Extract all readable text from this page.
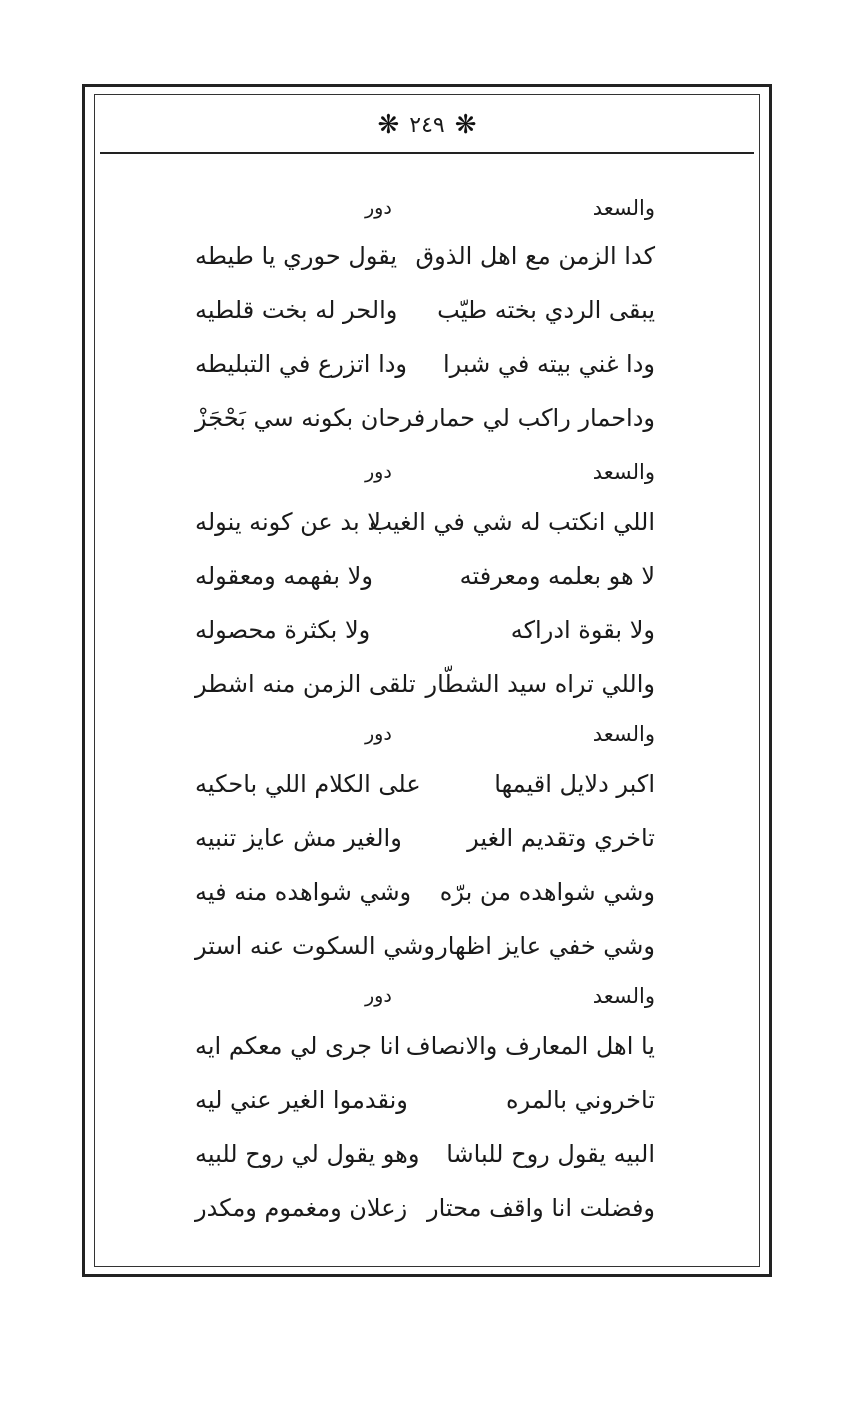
❋ ٢٤٩ ❋
والسعد
دور
كدا الزمن مع اهل الذوق
يقول حوري يا طيطه
يبقى الردي بخته طيّب
والحر له بخت قلطيه
ودا غني بيته في شبرا
ودا اتزرع في التبليطه
وداحمار راكب لي حمار
فرحان بكونه سي بَحْجَزْ
والسعد
دور
اللي انكتب له شي في الغيب
لا بد عن كونه ينوله
لا هو بعلمه ومعرفته
ولا بفهمه ومعقوله
ولا بقوة ادراكه
ولا بكثرة محصوله
واللي تراه سيد الشطّار
تلقى الزمن منه اشطر
والسعد
دور
اكبر دلايل اقيمها
على الكلام اللي باحكيه
تاخري وتقديم الغير
والغير مش عايز تنبيه
وشي شواهده من برّه
وشي شواهده منه فيه
وشي خفي عايز اظهار
وشي السكوت عنه استر
والسعد
دور
يا اهل المعارف والانصاف
انا جرى لي معكم ايه
تاخروني بالمره
ونقدموا الغير عني ليه
البيه يقول روح للباشا
وهو يقول لي روح للبيه
وفضلت انا واقف محتار
زعلان ومغموم ومكدر
